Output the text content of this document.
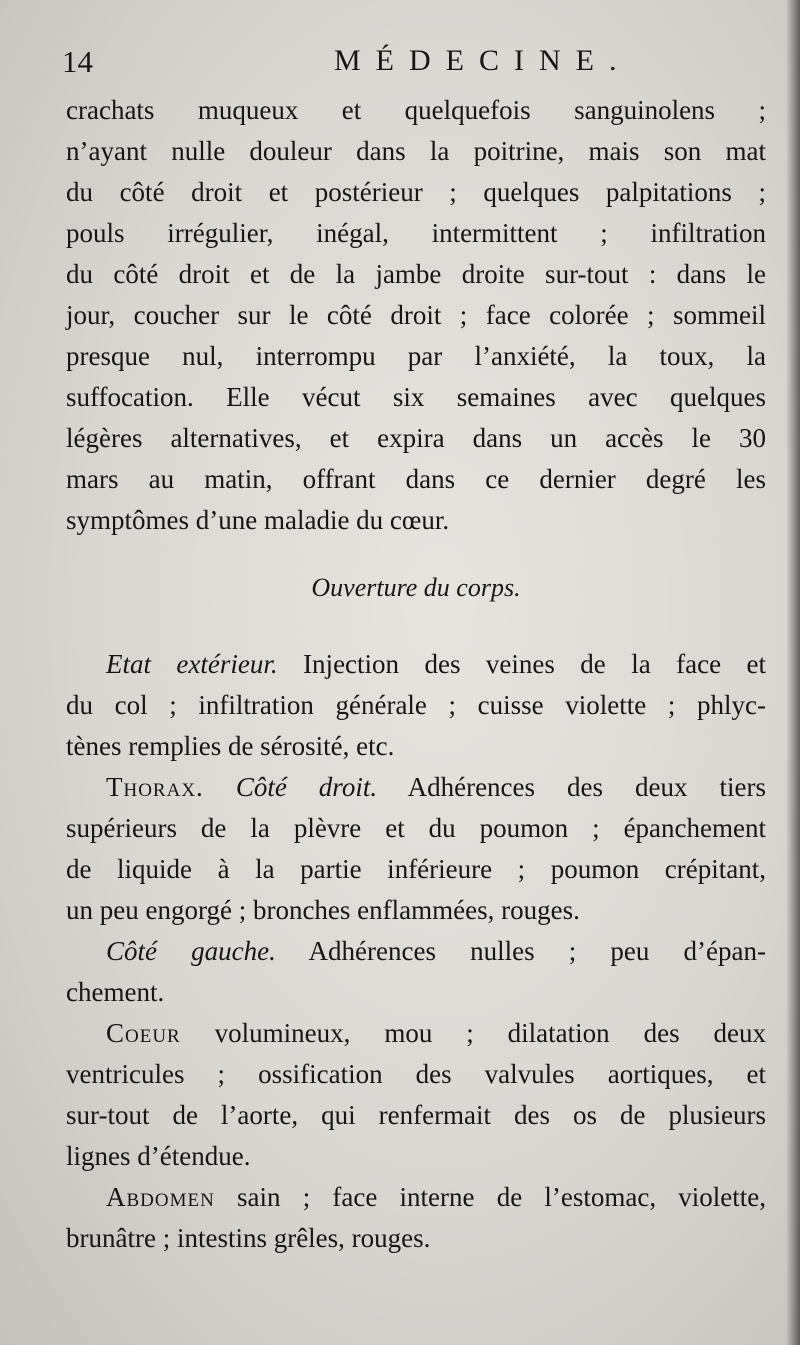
14	MÉDECINE.
crachats muqueux et quelquefois sanguinolens ;
n’ayant nulle douleur dans la poitrine, mais son mat
du côté droit et postérieur ; quelques palpitations ;
pouls irrégulier, inégal, intermittent ; infiltration
du côté droit et de la jambe droite sur-tout : dans le
jour, coucher sur le côté droit ; face colorée ; sommeil
presque nul, interrompu par l’anxiété, la toux, la
suffocation. Elle vécut six semaines avec quelques
légères alternatives, et expira dans un accès le 30
mars au matin, offrant dans ce dernier degré les
symptômes d’une maladie du cœur.
Ouverture du corps.
Etat extérieur. Injection des veines de la face et
du col ; infiltration générale ; cuisse violette ; phlyc-
tènes remplies de sérosité, etc.
Thorax. Côté droit. Adhérences des deux tiers
supérieurs de la plèvre et du poumon ; épanchement
de liquide à la partie inférieure ; poumon crépitant,
un peu engorgé ; bronches enflammées, rouges.
Côté gauche. Adhérences nulles ; peu d’épan-
chement.
Coeur volumineux, mou ; dilatation des deux
ventricules ; ossification des valvules aortiques, et
sur-tout de l’aorte, qui renfermait des os de plusieurs
lignes d’étendue.
Abdomen sain ; face interne de l’estomac, violette,
brunâtre ; intestins grêles, rouges.
